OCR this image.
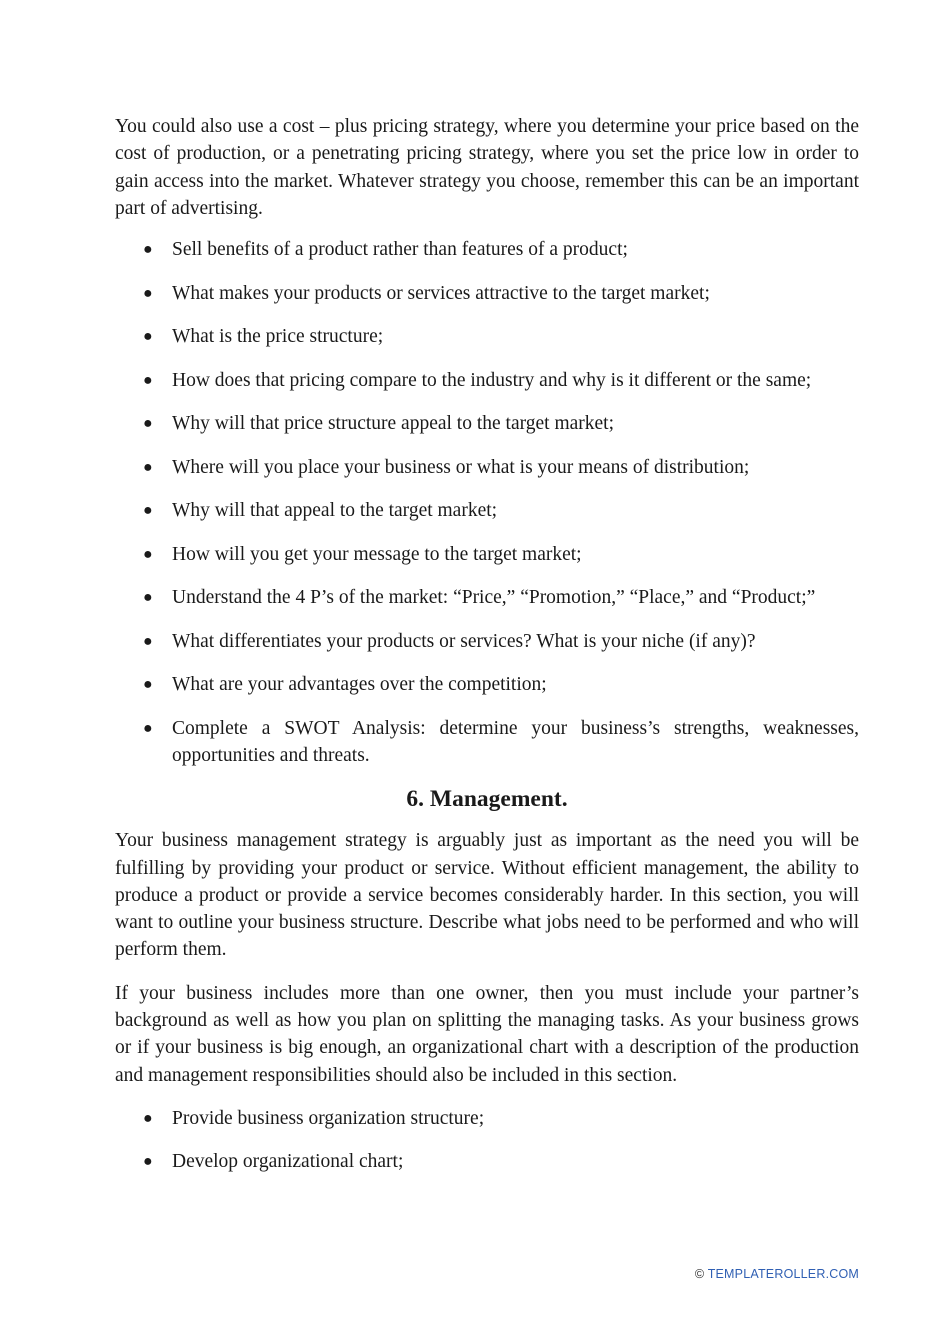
You could also use a cost – plus pricing strategy, where you determine your price based on the cost of production, or a penetrating pricing strategy, where you set the price low in order to gain access into the market. Whatever strategy you choose, remember this can be an important part of advertising.

● Sell benefits of a product rather than features of a product;
● What makes your products or services attractive to the target market;
● What is the price structure;
● How does that pricing compare to the industry and why is it different or the same;
● Why will that price structure appeal to the target market;
● Where will you place your business or what is your means of distribution;
● Why will that appeal to the target market;
● How will you get your message to the target market;
● Understand the 4 P’s of the market: “Price,” “Promotion,” “Place,” and “Product;”
● What differentiates your products or services? What is your niche (if any)?
● What are your advantages over the competition;
● Complete a SWOT Analysis: determine your business’s strengths, weaknesses, opportunities and threats.
6. Management.

Your business management strategy is arguably just as important as the need you will be fulfilling by providing your product or service. Without efficient management, the ability to produce a product or provide a service becomes considerably harder. In this section, you will want to outline your business structure. Describe what jobs need to be performed and who will perform them.

If your business includes more than one owner, then you must include your partner’s background as well as how you plan on splitting the managing tasks. As your business grows or if your business is big enough, an organizational chart with a description of the production and management responsibilities should also be included in this section.

● Provide business organization structure;
● Develop organizational chart;
© TEMPLATEROLLER.COM
